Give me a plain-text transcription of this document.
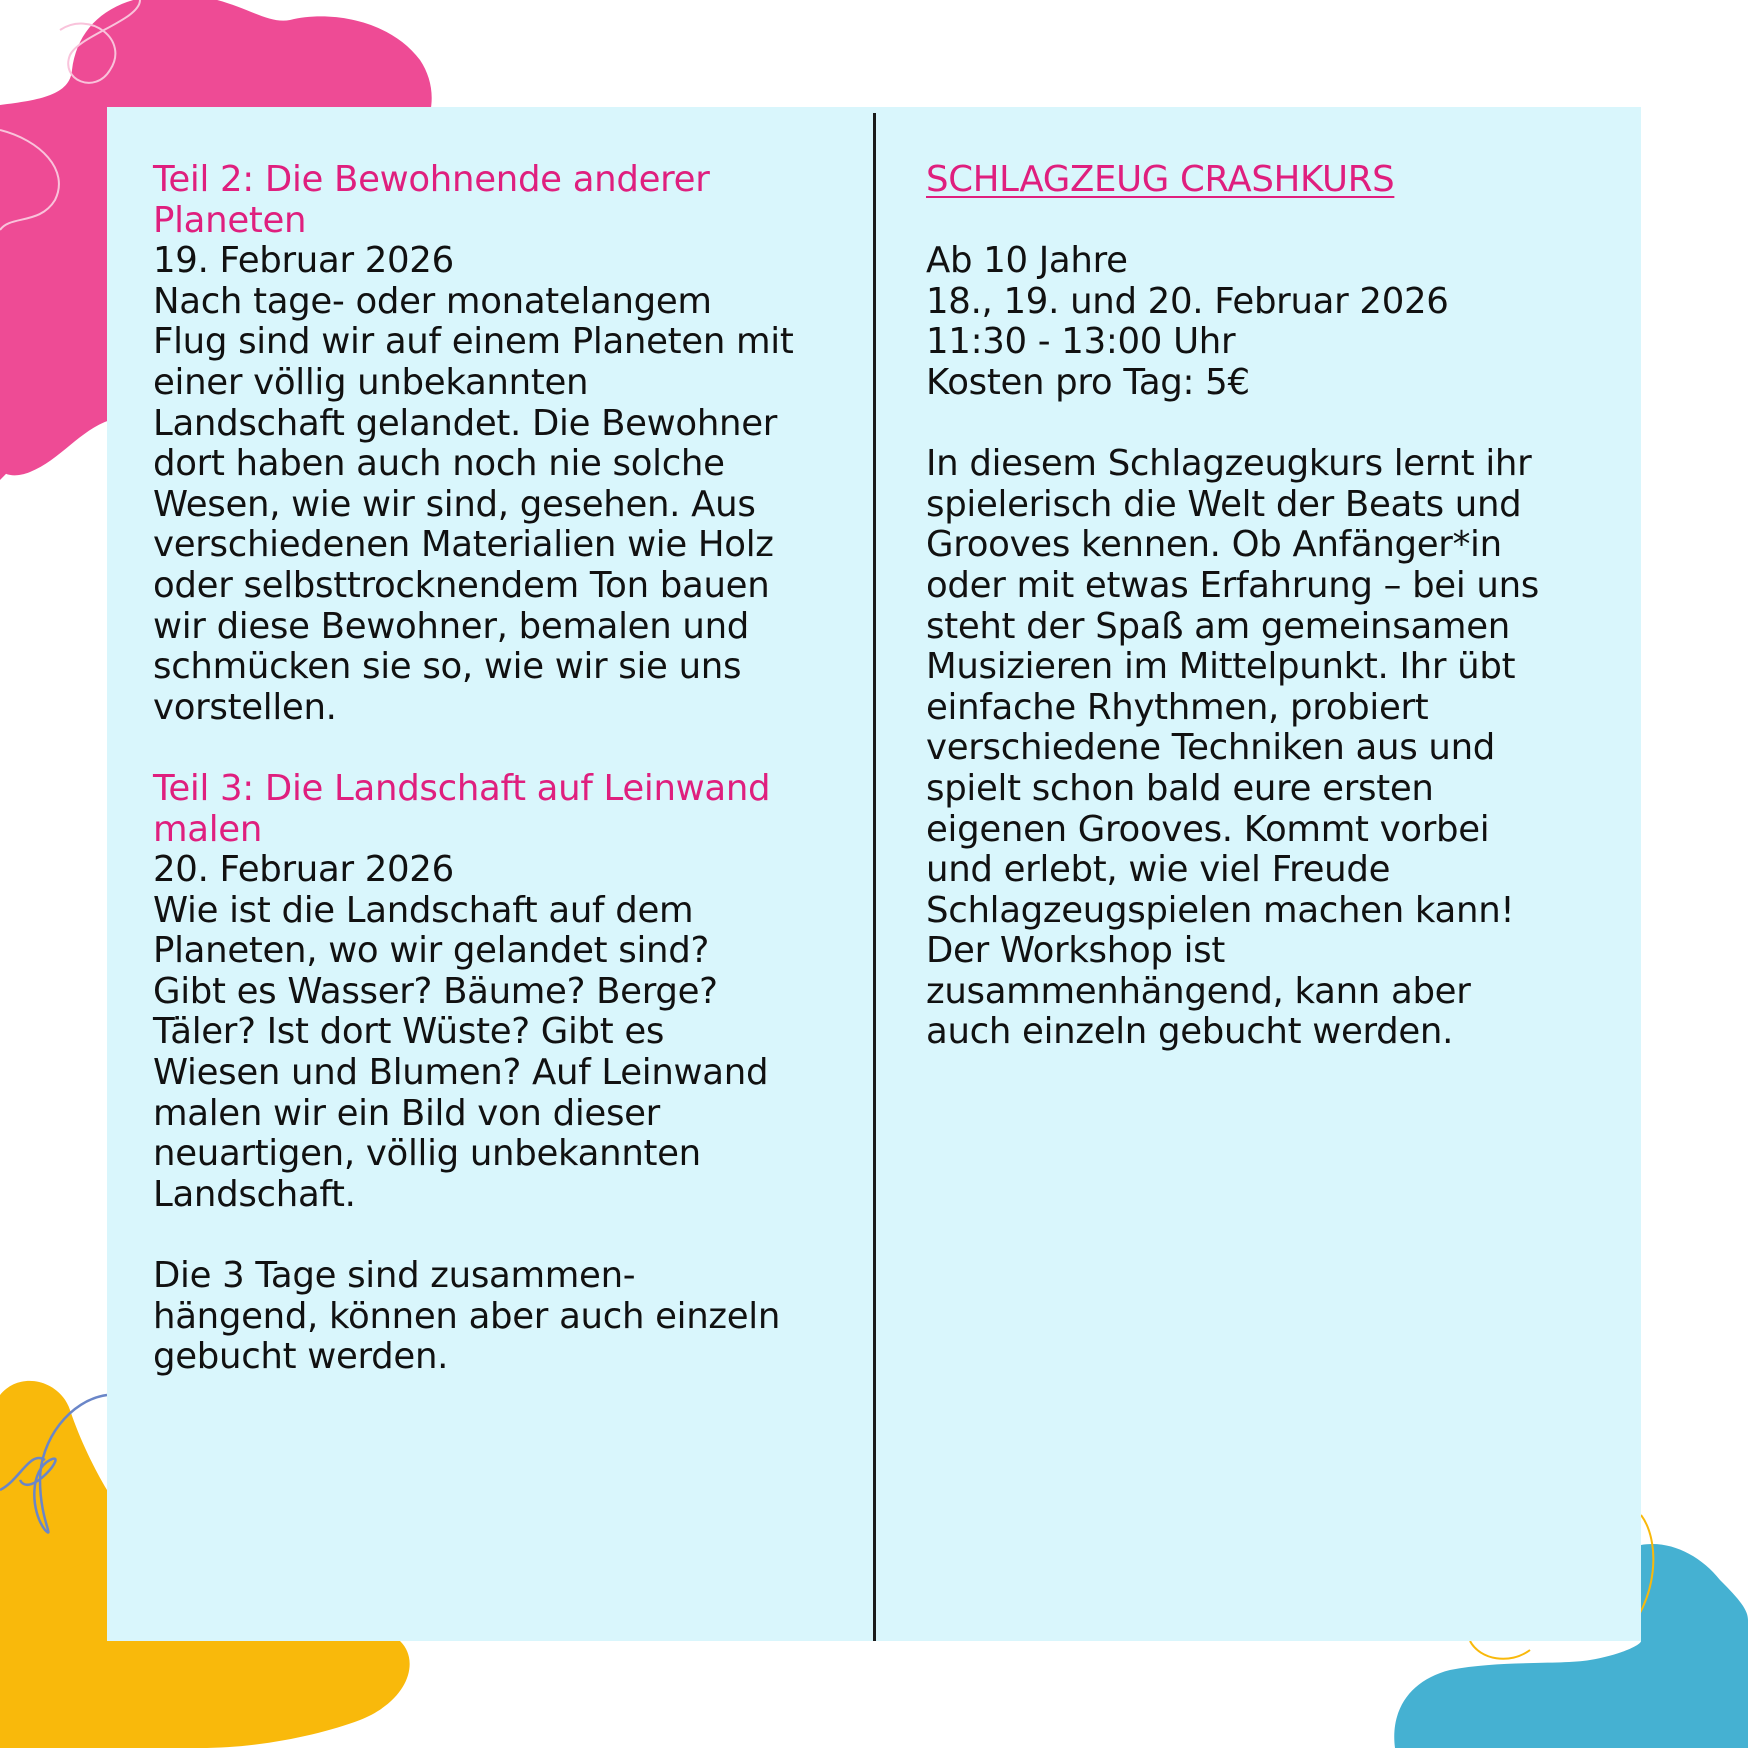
Teil 2: Die Bewohnende anderer

Planeten

19. Februar 2026

Nach tage- oder monatelangem

Flug sind wir auf einem Planeten mit

einer völlig unbekannten

Landschaft gelandet. Die Bewohner

dort haben auch noch nie solche

Wesen, wie wir sind, gesehen. Aus

verschiedenen Materialien wie Holz

oder selbsttrocknendem Ton bauen

wir diese Bewohner, bemalen und

schmücken sie so, wie wir sie uns

vorstellen.

Teil 3: Die Landschaft auf Leinwand

malen

20. Februar 2026

Wie ist die Landschaft auf dem

Planeten, wo wir gelandet sind?

Gibt es Wasser? Bäume? Berge?

Täler? Ist dort Wüste? Gibt es

Wiesen und Blumen? Auf Leinwand

malen wir ein Bild von dieser

neuartigen, völlig unbekannten

Landschaft.

Die 3 Tage sind zusammen-

hängend, können aber auch einzeln

gebucht werden.

SCHLAGZEUG CRASHKURS

Ab 10 Jahre

18., 19. und 20. Februar 2026

11:30 - 13:00 Uhr

Kosten pro Tag: 5€

In diesem Schlagzeugkurs lernt ihr

spielerisch die Welt der Beats und

Grooves kennen. Ob Anfänger*in

oder mit etwas Erfahrung – bei uns

steht der Spaß am gemeinsamen

Musizieren im Mittelpunkt. Ihr übt

einfache Rhythmen, probiert

verschiedene Techniken aus und

spielt schon bald eure ersten

eigenen Grooves. Kommt vorbei

und erlebt, wie viel Freude

Schlagzeugspielen machen kann!

Der Workshop ist

zusammenhängend, kann aber

auch einzeln gebucht werden.
